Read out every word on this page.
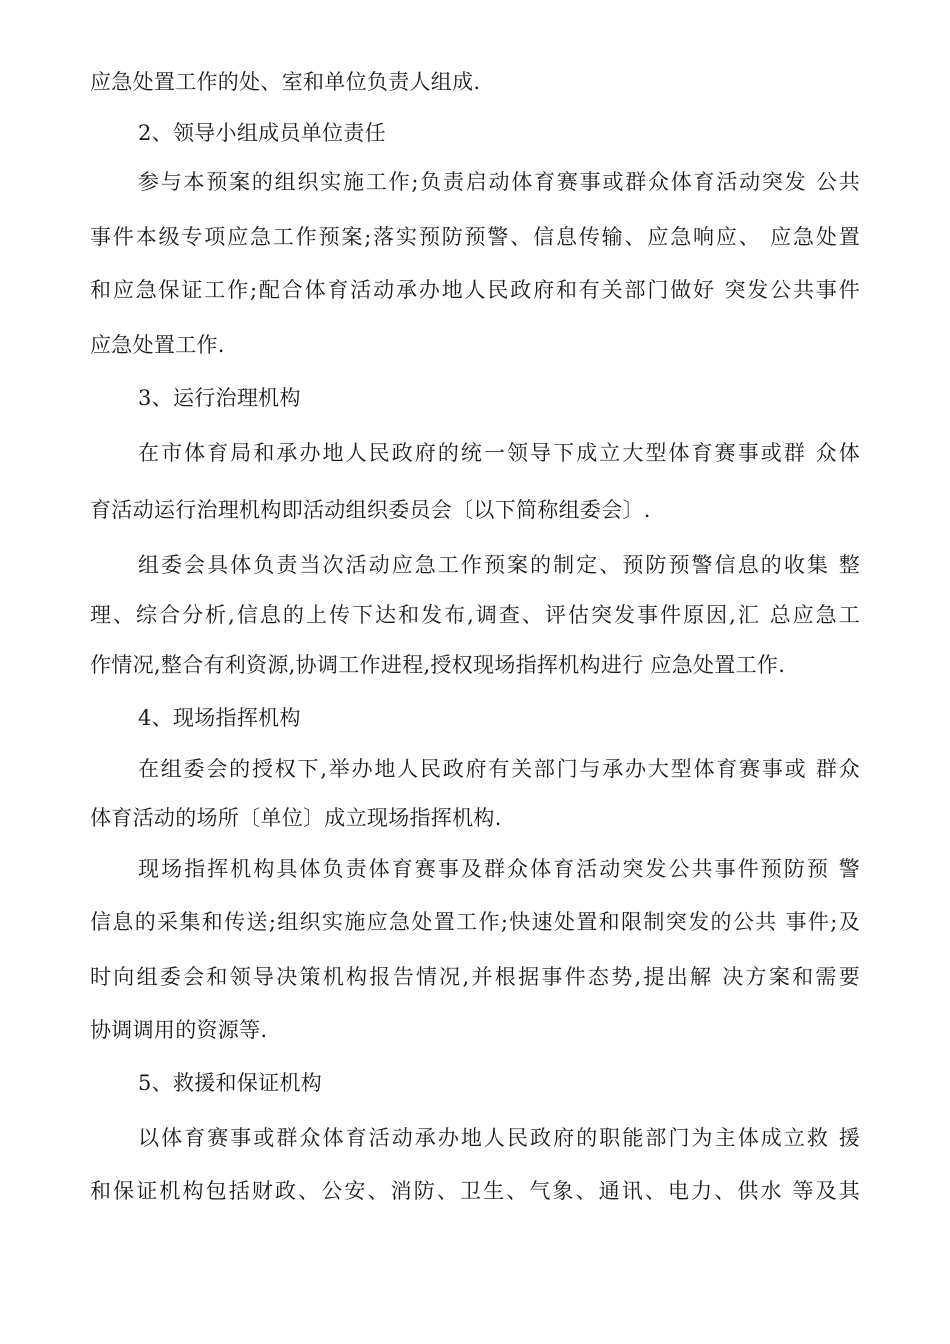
应急处置工作的处、室和单位负责人组成.
2、领导小组成员单位责任
参与本预案的组织实施工作;负责启动体育赛事或群众体育活动突发 公共
事件本级专项应急工作预案;落实预防预警、信息传输、应急响应、 应急处置
和应急保证工作;配合体育活动承办地人民政府和有关部门做好 突发公共事件
应急处置工作.
3、运行治理机构
在市体育局和承办地人民政府的统一领导下成立大型体育赛事或群 众体
育活动运行治理机构即活动组织委员会〔以下简称组委会〕.
组委会具体负责当次活动应急工作预案的制定、预防预警信息的收集 整
理、综合分析,信息的上传下达和发布,调查、评估突发事件原因,汇 总应急工
作情况,整合有利资源,协调工作进程,授权现场指挥机构进行 应急处置工作.
4、现场指挥机构
在组委会的授权下,举办地人民政府有关部门与承办大型体育赛事或 群众
体育活动的场所〔单位〕成立现场指挥机构.
现场指挥机构具体负责体育赛事及群众体育活动突发公共事件预防预 警
信息的采集和传送;组织实施应急处置工作;快速处置和限制突发的公共 事件;及
时向组委会和领导决策机构报告情况,并根据事件态势,提出解 决方案和需要
协调调用的资源等.
5、救援和保证机构
以体育赛事或群众体育活动承办地人民政府的职能部门为主体成立救 援
和保证机构包括财政、公安、消防、卫生、气象、通讯、电力、供水 等及其
